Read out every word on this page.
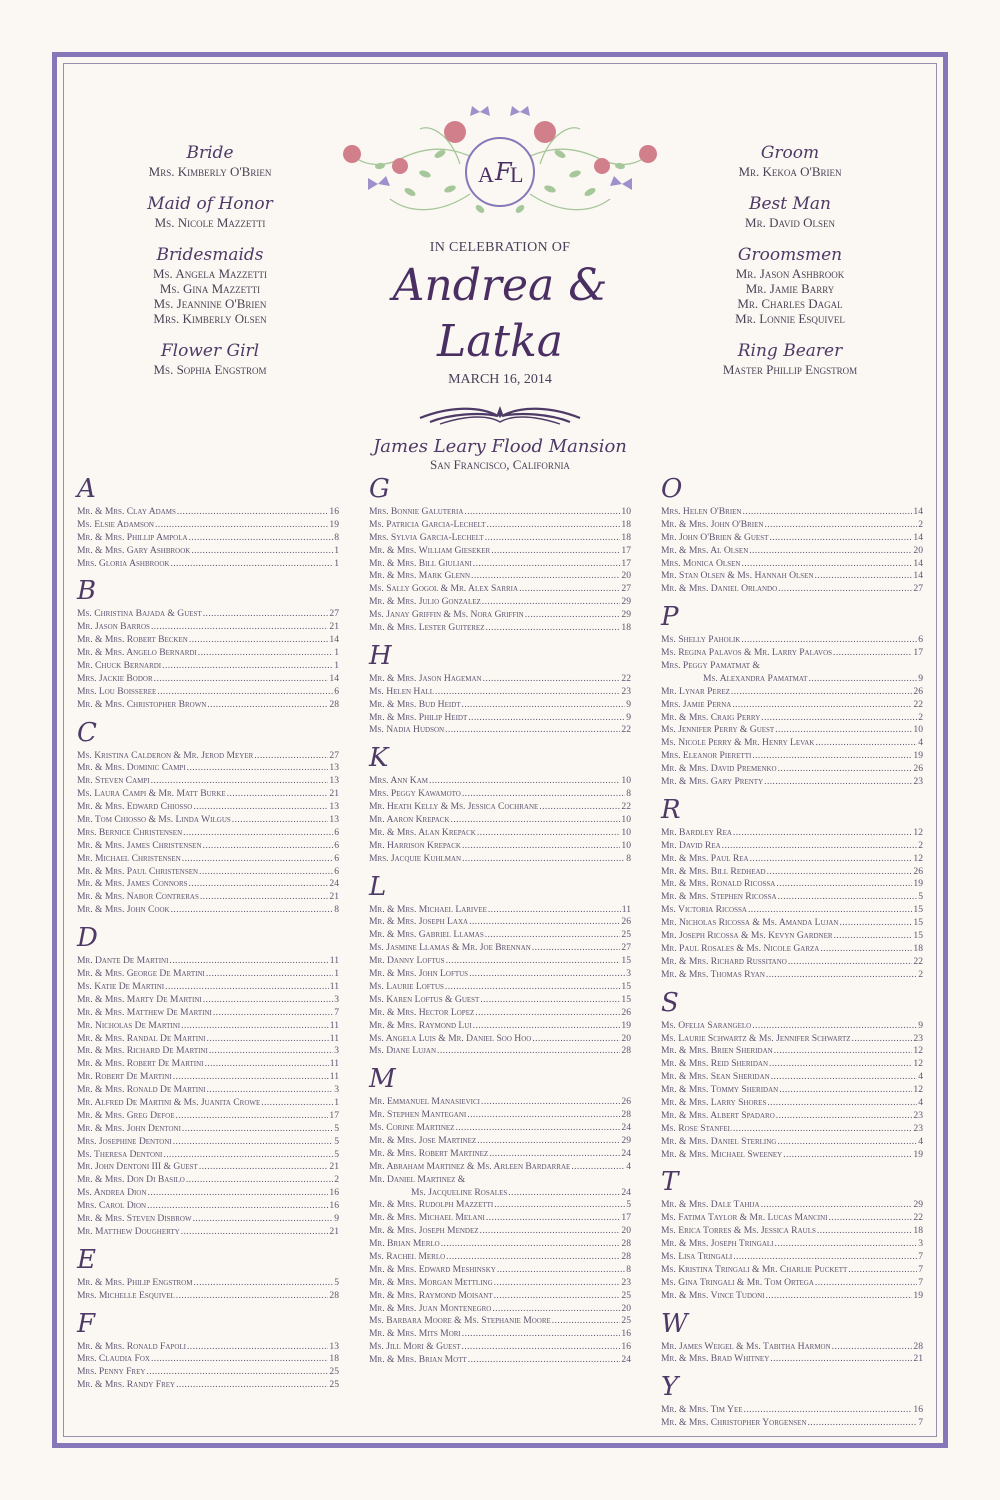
Bride
Mrs. Kimberly O'Brien
Maid of Honor
Ms. Nicole Mazzetti
Bridesmaids
Ms. Angela Mazzetti
Ms. Gina Mazzetti
Ms. Jeannine O'Brien
Mrs. Kimberly Olsen
Flower Girl
Ms. Sophia Engstrom
Groom
Mr. Kekoa O'Brien
Best Man
Mr. David Olsen
Groomsmen
Mr. Jason Ashbrook
Mr. Jamie Barry
Mr. Charles Dagal
Mr. Lonnie Esquivel
Ring Bearer
Master Phillip Engstrom
A F
L
IN CELEBRATION OF
Andrea & Latka
MARCH 16, 2014
James Leary Flood Mansion
San Francisco, California
A
Mr. & Mrs. Clay Adams .....	16
Ms. Elsie Adamson .....	19
Mr. & Mrs. Phillip Ampola .....	8
Mr. & Mrs. Gary Ashbrook .....	1
Mrs. Gloria Ashbrook .....	1
B
Ms. Christina Bajada & Guest .....	27
Mr. Jason Barros .....	21
Mr. & Mrs. Robert Becken .....	14
Mr. & Mrs. Angelo Bernardi .....	1
Mr. Chuck Bernardi .....	1
Mrs. Jackie Bodor .....	14
Mrs. Lou Boisseree .....	6
Mr. & Mrs. Christopher Brown .....	28
C
Ms. Kristina Calderon & Mr. Jerod Meyer .....	27
Mr. & Mrs. Dominic Campi .....	13
Mr. Steven Campi .....	13
Ms. Laura Campi & Mr. Matt Burke .....	21
Mr. & Mrs. Edward Chiosso .....	13
Mr. Tom Chiosso & Ms. Linda Wilgus .....	13
Mrs. Bernice Christensen .....	6
Mr. & Mrs. James Christensen .....	6
Mr. Michael Christensen .....	6
Mr. & Mrs. Paul Christensen .....	6
Mr. & Mrs. James Connors .....	24
Mr. & Mrs. Nabor Contreras .....	21
Mr. & Mrs. John Cook .....	8
D
Mr. Dante De Martini .....	11
Mr. & Mrs. George De Martini .....	1
Ms. Katie De Martini .....	11
Mr. & Mrs. Marty De Martini .....	3
Mr. & Mrs. Matthew De Martini .....	7
Mr. Nicholas De Martini .....	11
Mr. & Mrs. Randal De Martini .....	11
Mr. & Mrs. Richard De Martini .....	3
Mr. & Mrs. Robert De Martini .....	11
Mr. Robert De Martini .....	11
Mr. & Mrs. Ronald De Martini .....	3
Mr. Alfred De Martini & Ms. Juanita Crowe .....	1
Mr. & Mrs. Greg Defoe .....	17
Mr. & Mrs. John Dentoni .....	5
Mrs. Josephine Dentoni .....	5
Ms. Theresa Dentoni .....	5
Mr. John Dentoni III & Guest .....	21
Mr. & Mrs. Don Di Basilo .....	2
Ms. Andrea Dion .....	16
Mrs. Carol Dion .....	16
Mr. & Mrs. Steven Disbrow .....	9
Mr. Matthew Dougherty .....	21
E
Mr. & Mrs. Philip Engstrom .....	5
Mrs. Michelle Esquivel .....	28
F
Mr. & Mrs. Ronald Fapoli .....	13
Mrs. Claudia Fox .....	18
Mrs. Penny Frey .....	25
Mr. & Mrs. Randy Frey .....	25
G
Mrs. Bonnie Galuteria .....	10
Ms. Patricia Garcia-Lechelt .....	18
Mrs. Sylvia Garcia-Lechelt .....	18
Mr. & Mrs. William Gieseker .....	17
Mr. & Mrs. Bill Giuliani .....	17
Mr. & Mrs. Mark Glenn .....	20
Ms. Sally Gogol & Mr. Alex Sarria .....	27
Mr. & Mrs. Julio Gonzalez .....	29
Ms. Janay Griffin & Ms. Nora Griffin .....	29
Mr. & Mrs. Lester Guiterez .....	18
H
Mr. & Mrs. Jason Hageman .....	22
Ms. Helen Hall .....	23
Mr. & Mrs. Bud Heidt .....	9
Mr. & Mrs. Philip Heidt .....	9
Ms. Nadia Hudson .....	22
K
Mrs. Ann Kam .....	10
Mrs. Peggy Kawamoto .....	8
Mr. Heath Kelly & Ms. Jessica Cochrane .....	22
Mr. Aaron Krepack .....	10
Mr. & Mrs. Alan Krepack .....	10
Mr. Harrison Krepack .....	10
Mrs. Jacquie Kuhlman .....	8
L
Mr. & Mrs. Michael Larivee .....	11
Mr. & Mrs. Joseph Laxa .....	26
Mr. & Mrs. Gabriel Llamas .....	25
Ms. Jasmine Llamas & Mr. Joe Brennan .....	27
Mr. Danny Loftus .....	15
Mr. & Mrs. John Loftus .....	3
Ms. Laurie Loftus .....	15
Ms. Karen Loftus & Guest .....	15
Mr. & Mrs. Hector Lopez .....	26
Mr. & Mrs. Raymond Lui .....	19
Ms. Angela Luis & Mr. Daniel Soo Hoo .....	20
Ms. Diane Lujan .....	28
M
Mr. Emmanuel Manasievici .....	26
Mr. Stephen Mantegani .....	28
Ms. Corine Martinez .....	24
Mr. & Mrs. Jose Martinez .....	29
Mr. & Mrs. Robert Martinez .....	24
Mr. Abraham Martinez & Ms. Arleen Bardarrae .....	4
Mr. Daniel Martinez &
Ms. Jacqueline Rosales .....	24
Mr. & Mrs. Rudolph Mazzetti .....	5
Mr. & Mrs. Michael Melani .....	17
Mr. & Mrs. Joseph Mendez .....	20
Mr. Brian Merlo .....	28
Ms. Rachel Merlo .....	28
Mr. & Mrs. Edward Meshinsky .....	8
Mr. & Mrs. Morgan Mettling .....	23
Mr. & Mrs. Raymond Moisant .....	25
Mr. & Mrs. Juan Montenegro .....	20
Ms. Barbara Moore & Ms. Stephanie Moore .....	25
Mr. & Mrs. Mits Mori .....	16
Ms. Jill Mori & Guest .....	16
Mr. & Mrs. Brian Mott .....	24
O
Mrs. Helen O'Brien .....	14
Mr. & Mrs. John O'Brien .....	2
Mr. John O'Brien & Guest .....	14
Mr. & Mrs. Al Olsen .....	20
Mrs. Monica Olsen .....	14
Mr. Stan Olsen & Ms. Hannah Olsen .....	14
Mr. & Mrs. Daniel Orlando .....	27
P
Ms. Shelly Paholik .....	6
Ms. Regina Palavos & Mr. Larry Palavos .....	17
Mrs. Peggy Pamatmat &
Ms. Alexandra Pamatmat .....	9
Mr. Lynar Perez .....	26
Mrs. Jamie Perna .....	22
Mr. & Mrs. Craig Perry .....	2
Ms. Jennifer Perry & Guest .....	10
Ms. Nicole Perry & Mr. Henry Levak .....	4
Mrs. Eleanor Pieretti .....	19
Mr. & Mrs. David Premenko .....	26
Mr. & Mrs. Gary Prenty .....	23
R
Mr. Bardley Rea .....	12
Mr. David Rea .....	2
Mr. & Mrs. Paul Rea .....	12
Mr. & Mrs. Bill Redhead .....	26
Mr. & Mrs. Ronald Ricossa .....	19
Mr. & Mrs. Stephen Ricossa .....	5
Ms. Victoria Ricossa .....	15
Mr. Nicholas Ricossa & Ms. Amanda Lujan .....	15
Mr. Joseph Ricossa & Ms. Kevyn Gardner .....	15
Mr. Paul Rosales & Ms. Nicole Garza .....	18
Mr. & Mrs. Richard Russitano .....	22
Mr. & Mrs. Thomas Ryan .....	2
S
Ms. Ofelia Sarangelo .....	9
Ms. Laurie Schwartz & Ms. Jennifer Schwartz .....	23
Mr. & Mrs. Brien Sheridan .....	12
Mr. & Mrs. Reid Sheridan .....	12
Mr. & Mrs. Sean Sheridan .....	4
Mr. & Mrs. Tommy Sheridan .....	12
Mr. & Mrs. Larry Shores .....	4
Mr. & Mrs. Albert Spadaro .....	23
Ms. Rose Stanfel .....	23
Mr. & Mrs. Daniel Sterling .....	4
Mr. & Mrs. Michael Sweeney .....	19
T
Mr. & Mrs. Dale Tahija .....	29
Ms. Fatima Taylor & Mr. Lucas Mancini .....	22
Ms. Erica Torres & Ms. Jessica Rauls .....	18
Mr. & Mrs. Joseph Tringali .....	3
Ms. Lisa Tringali .....	7
Ms. Kristina Tringali & Mr. Charlie Puckett .....	7
Ms. Gina Tringali & Mr. Tom Ortega .....	7
Mr. & Mrs. Vince Tudoni .....	19
W
Mr. James Weigel & Ms. Tabitha Harmon .....	28
Mr. & Mrs. Brad Whitney .....	21
Y
Mr. & Mrs. Tim Yee .....	16
Mr. & Mrs. Christopher Yorgensen .....	7
